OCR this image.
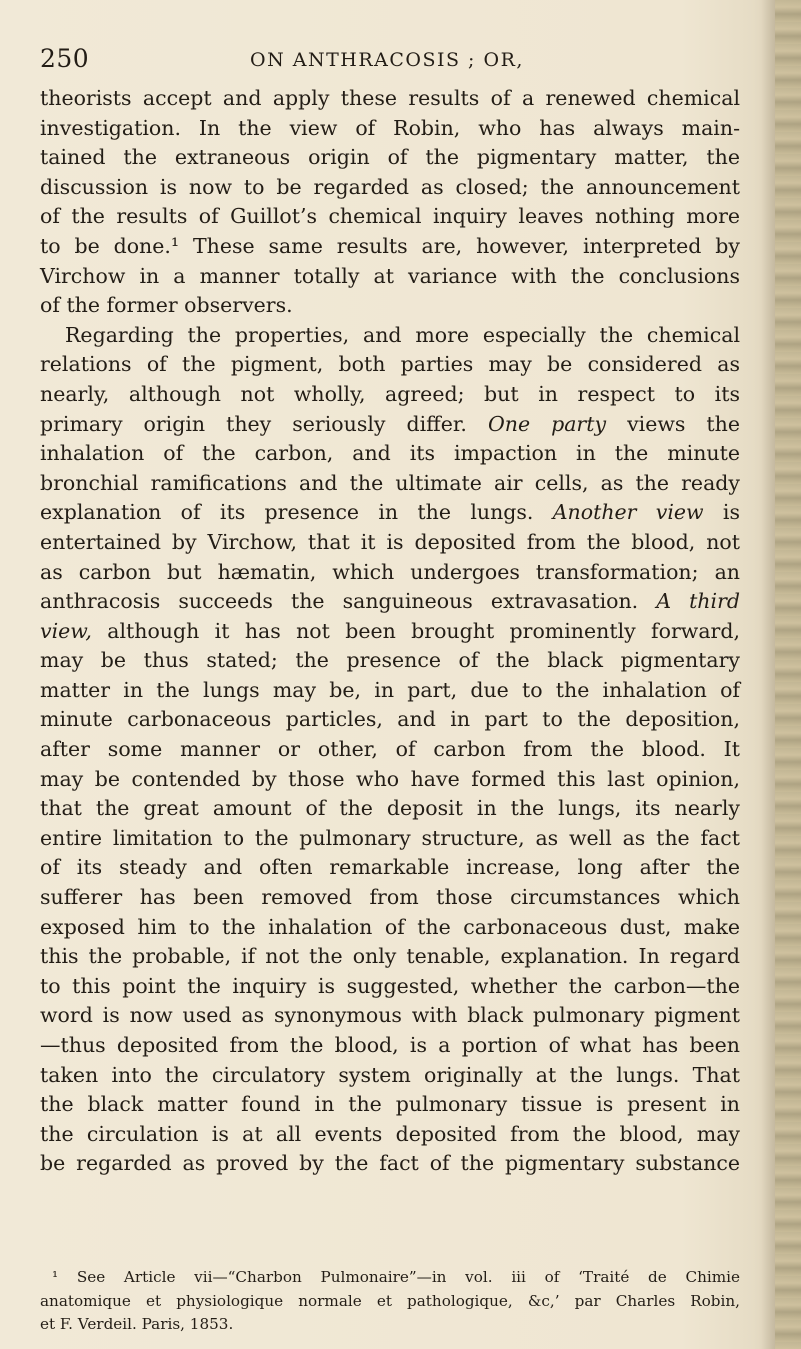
250	ON ANTHRACOSIS ; OR,
theorists accept and apply these results of a renewed chemical
investigation. In the view of Robin, who has always main-
tained the extraneous origin of the pigmentary matter, the
discussion is now to be regarded as closed; the announcement
of the results of Guillot’s chemical inquiry leaves nothing more
to be done.¹ These same results are, however, interpreted by
Virchow in a manner totally at variance with the conclusions
of the former observers.
Regarding the properties, and more especially the chemical
relations of the pigment, both parties may be considered as
nearly, although not wholly, agreed; but in respect to its
primary origin they seriously differ. One party views the
inhalation of the carbon, and its impaction in the minute
bronchial ramifications and the ultimate air cells, as the ready
explanation of its presence in the lungs. Another view is
entertained by Virchow, that it is deposited from the blood, not
as carbon but hæmatin, which undergoes transformation; an
anthracosis succeeds the sanguineous extravasation. A third
view, although it has not been brought prominently forward,
may be thus stated; the presence of the black pigmentary
matter in the lungs may be, in part, due to the inhalation of
minute carbonaceous particles, and in part to the deposition,
after some manner or other, of carbon from the blood. It
may be contended by those who have formed this last opinion,
that the great amount of the deposit in the lungs, its nearly
entire limitation to the pulmonary structure, as well as the fact
of its steady and often remarkable increase, long after the
sufferer has been removed from those circumstances which
exposed him to the inhalation of the carbonaceous dust, make
this the probable, if not the only tenable, explanation. In regard
to this point the inquiry is suggested, whether the carbon—the
word is now used as synonymous with black pulmonary pigment
—thus deposited from the blood, is a portion of what has been
taken into the circulatory system originally at the lungs. That
the black matter found in the pulmonary tissue is present in
the circulation is at all events deposited from the blood, may
be regarded as proved by the fact of the pigmentary substance
¹ See Article vii—“Charbon Pulmonaire”—in vol. iii of ‘Traité de Chimie
anatomique et physiologique normale et pathologique, &c,’ par Charles Robin,
et F. Verdeil. Paris, 1853.
